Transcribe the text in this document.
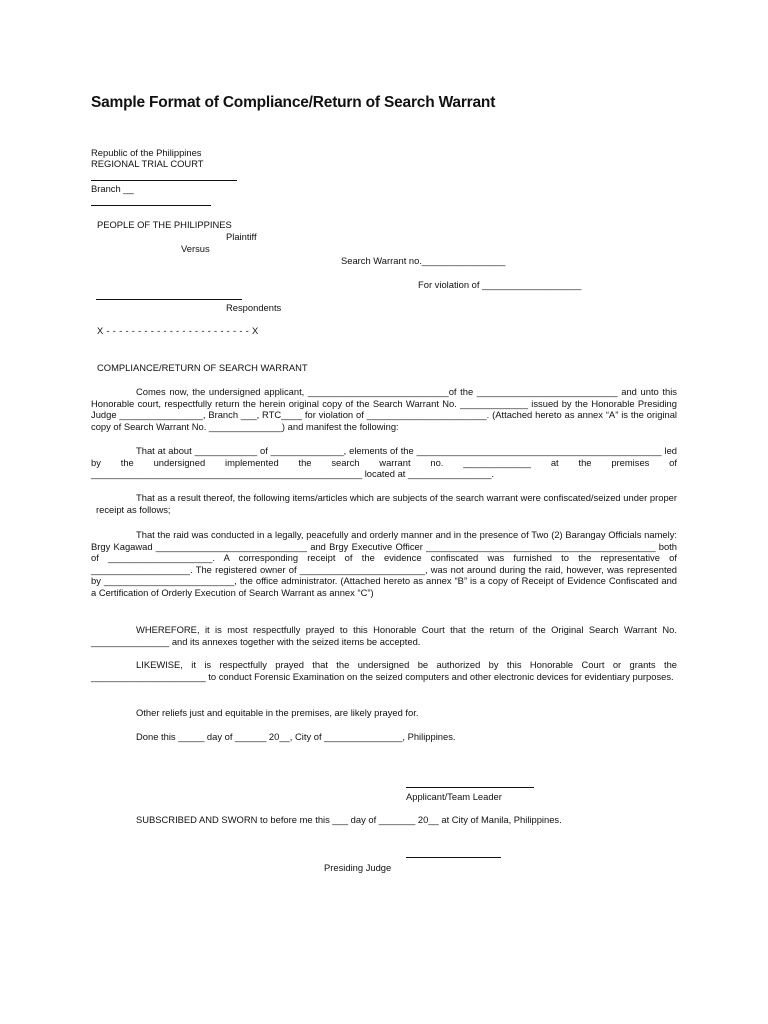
Sample Format of Compliance/Return of Search Warrant
Republic of the Philippines
REGIONAL TRIAL COURT
Branch __
PEOPLE OF THE PHILIPPINES
Plaintiff
Versus
Search Warrant no.________________
For violation of ___________________
Respondents
X - - - - - - - - - - - - - - - - - - - - - - - X
COMPLIANCE/RETURN OF SEARCH WARRANT
Comes now, the undersigned applicant, ___________________________of the ___________________________ and unto this Honorable court, respectfully return the herein original copy of the Search Warrant No. _____________ issued by the Honorable Presiding Judge ________________, Branch ___, RTC____ for violation of _______________________. (Attached hereto as annex “A” is the original copy of Search Warrant No. ______________) and manifest the following:
That at about ____________ of ______________, elements of the _______________________________________________ led by the undersigned implemented the search warrant no. _____________ at the premises of ____________________________________________________ located at ________________.
That as a result thereof, the following items/articles which are subjects of the search warrant were confiscated/seized under proper receipt as follows;
That the raid was conducted in a legally, peacefully and orderly manner and in the presence of Two (2) Barangay Officials namely: Brgy Kagawad _____________________________ and Brgy Executive Officer ____________________________________________ both of ____________________. A corresponding receipt of the evidence confiscated was furnished to the representative of ___________________. The registered owner of ________________________, was not around during the raid, however, was represented by _________________________, the office administrator. (Attached hereto as annex “B” is a copy of Receipt of Evidence Confiscated and a Certification of Orderly Execution of Search Warrant as annex “C”)
WHEREFORE, it is most respectfully prayed to this Honorable Court that the return of the Original Search Warrant No. _______________ and its annexes together with the seized items be accepted.
LIKEWISE, it is respectfully prayed that the undersigned be authorized by this Honorable Court or grants the ______________________ to conduct Forensic Examination on the seized computers and other electronic devices for evidentiary purposes.
Other reliefs just and equitable in the premises, are likely prayed for.
Done this _____ day of ______ 20__, City of _______________, Philippines.
Applicant/Team Leader
SUBSCRIBED AND SWORN to before me this ___ day of _______ 20__ at City of Manila, Philippines.
Presiding Judge
